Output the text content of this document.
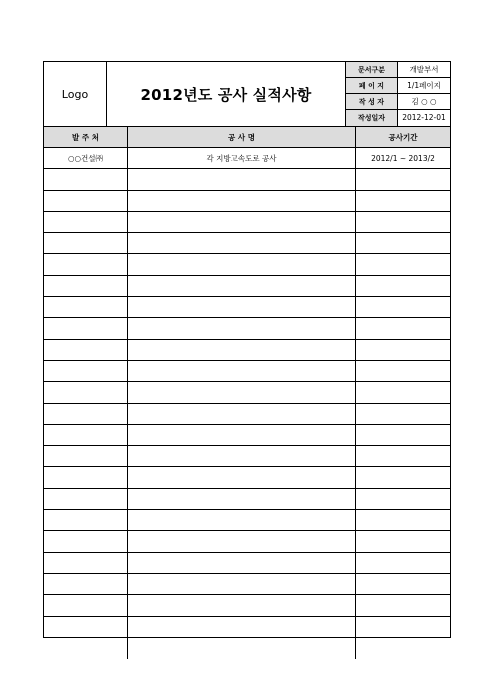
Logo	2012년도 공사 실적사항
문서구분	개발부서
페 이 지	1/1페이지
작 성 자	김 ○ ○
작성일자	2012-12-01
발 주 처	공 사 명	공사기간
○○건설㈜	각 지방고속도로 공사	2012/1 ~ 2013/2
